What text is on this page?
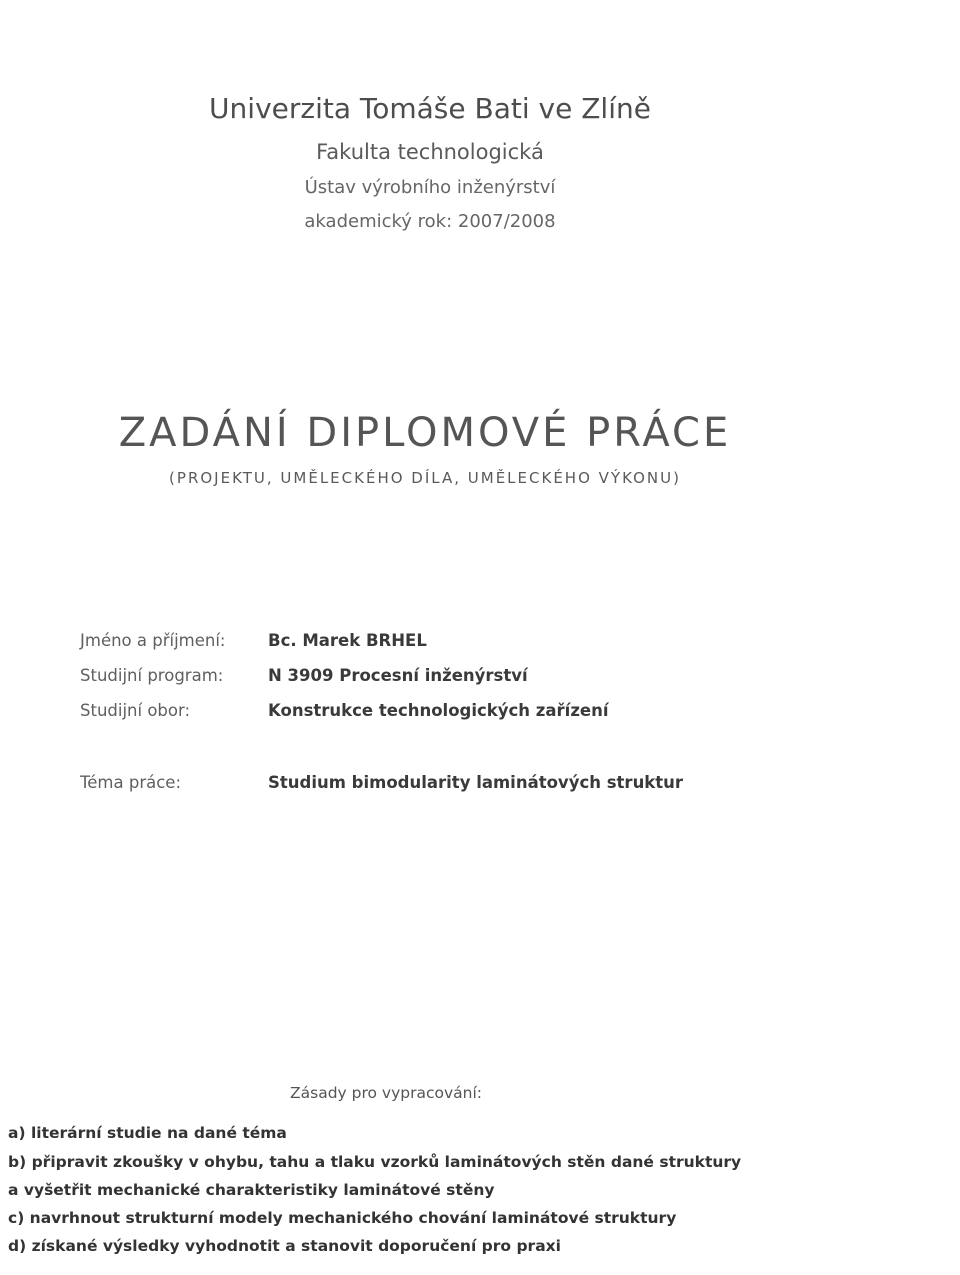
Univerzita Tomáše Bati ve Zlíně
Fakulta technologická
Ústav výrobního inženýrství
akademický rok: 2007/2008
ZADÁNÍ DIPLOMOVÉ PRÁCE
(PROJEKTU, UMĚLECKÉHO DÍLA, UMĚLECKÉHO VÝKONU)
Jméno a příjmení:	Bc. Marek BRHEL
Studijní program:	N 3909 Procesní inženýrství
Studijní obor:	Konstrukce technologických zařízení
Téma práce:	Studium bimodularity laminátových struktur
Zásady pro vypracování:
a) literární studie na dané téma
b) připravit zkoušky v ohybu, tahu a tlaku vzorků laminátových stěn dané struktury
a vyšetřit mechanické charakteristiky laminátové stěny
c) navrhnout strukturní modely mechanického chování laminátové struktury
d) získané výsledky vyhodnotit a stanovit doporučení pro praxi
